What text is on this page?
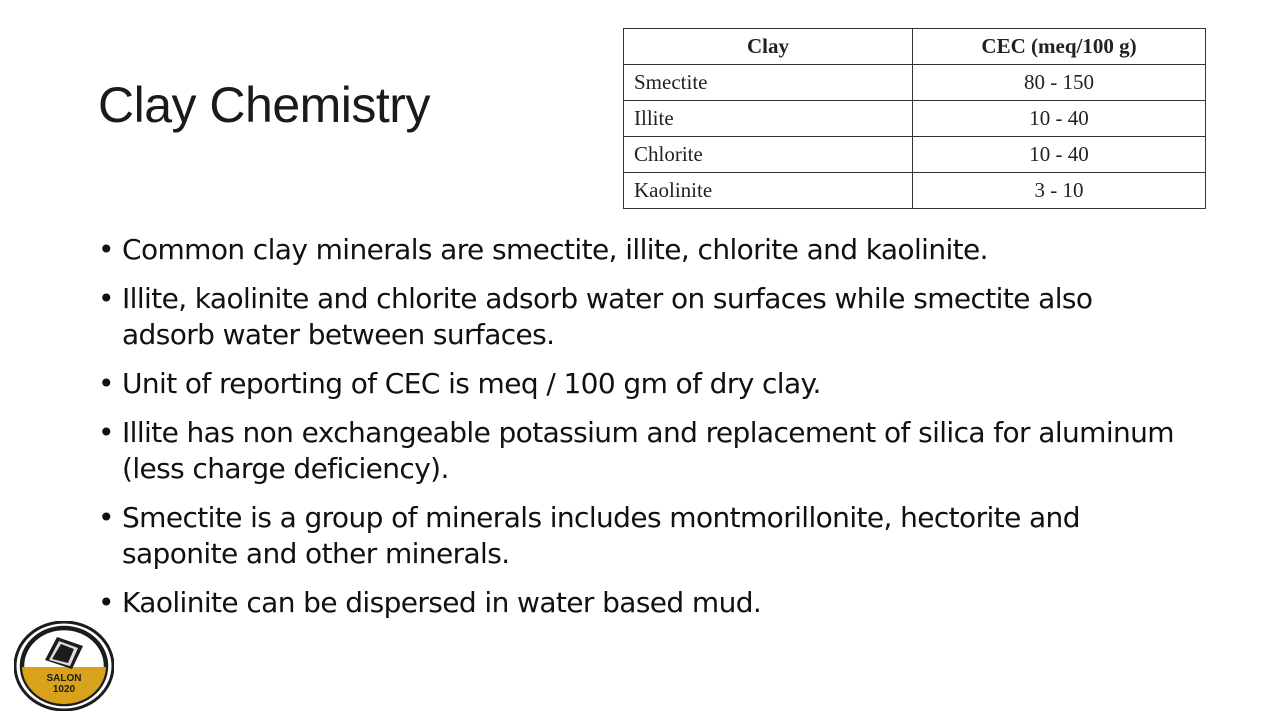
Clay Chemistry
Clay	CEC (meq/100 g)
Smectite	80 - 150
Illite	10 - 40
Chlorite	10 - 40
Kaolinite	3 - 10
• Common clay minerals are smectite, illite, chlorite and kaolinite.
• Illite, kaolinite and chlorite adsorb water on surfaces while smectite also adsorb water between surfaces.
• Unit of reporting of CEC is meq / 100 gm of dry clay.
• Illite has non exchangeable potassium and replacement of silica for aluminum (less charge deficiency).
• Smectite is a group of minerals includes montmorillonite, hectorite and saponite and other minerals.
• Kaolinite can be dispersed in water based mud.
SALON
1020
